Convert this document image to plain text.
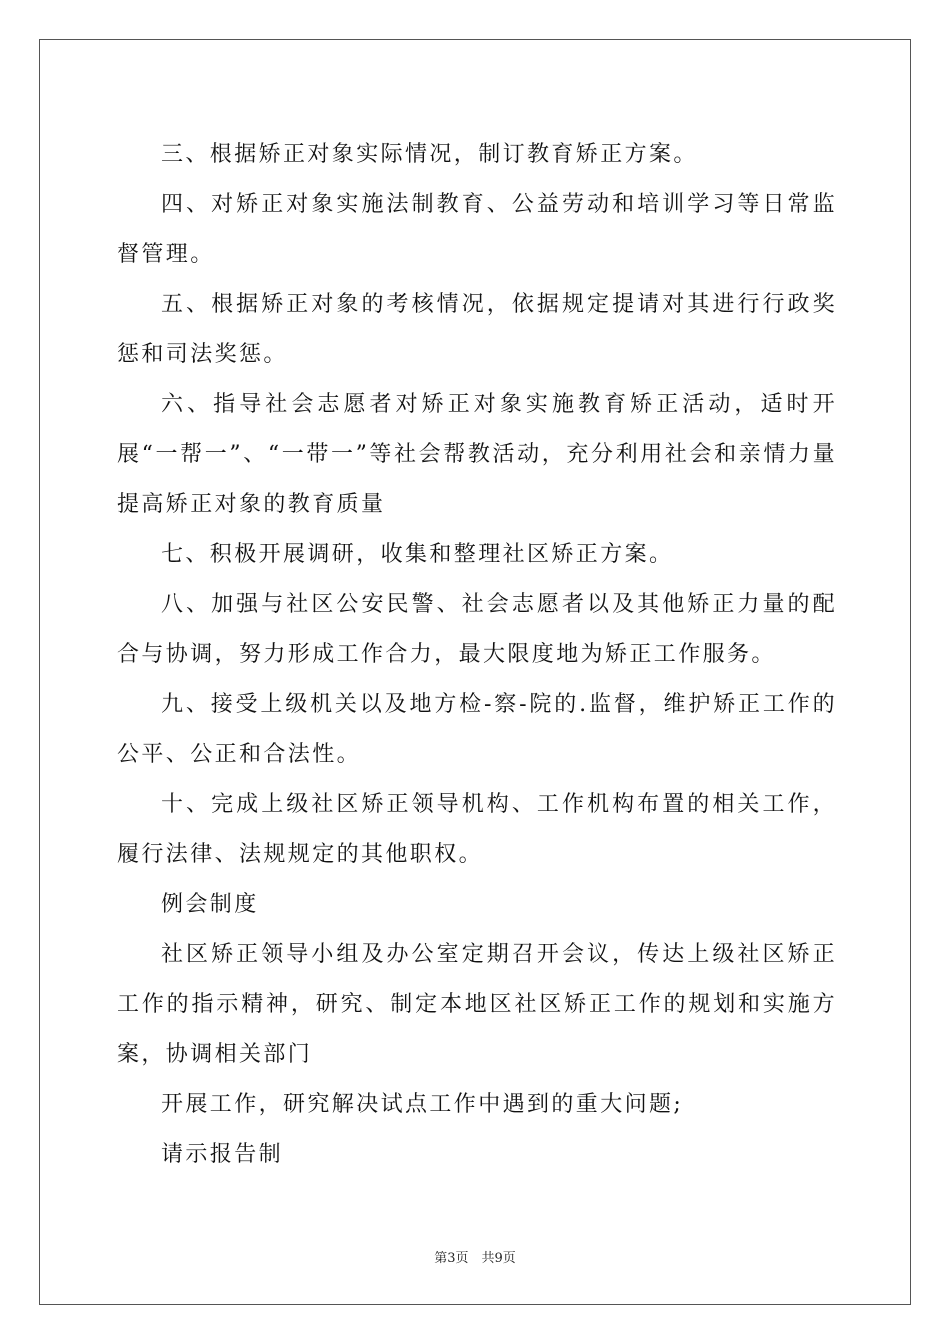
三、根据矫正对象实际情况，制订教育矫正方案。

四、对矫正对象实施法制教育、公益劳动和培训学习等日常监督管理。

五、根据矫正对象的考核情况，依据规定提请对其进行行政奖惩和司法奖惩。

六、指导社会志愿者对矫正对象实施教育矫正活动，适时开展“一帮一”、“一带一”等社会帮教活动，充分利用社会和亲情力量提高矫正对象的教育质量

七、积极开展调研，收集和整理社区矫正方案。

八、加强与社区公安民警、社会志愿者以及其他矫正力量的配合与协调，努力形成工作合力，最大限度地为矫正工作服务。

九、接受上级机关以及地方检-察-院的.监督，维护矫正工作的公平、公正和合法性。

十、完成上级社区矫正领导机构、工作机构布置的相关工作，履行法律、法规规定的其他职权。

例会制度

社区矫正领导小组及办公室定期召开会议，传达上级社区矫正工作的指示精神，研究、制定本地区社区矫正工作的规划和实施方案，协调相关部门

开展工作，研究解决试点工作中遇到的重大问题;

请示报告制

第3页　共9页
